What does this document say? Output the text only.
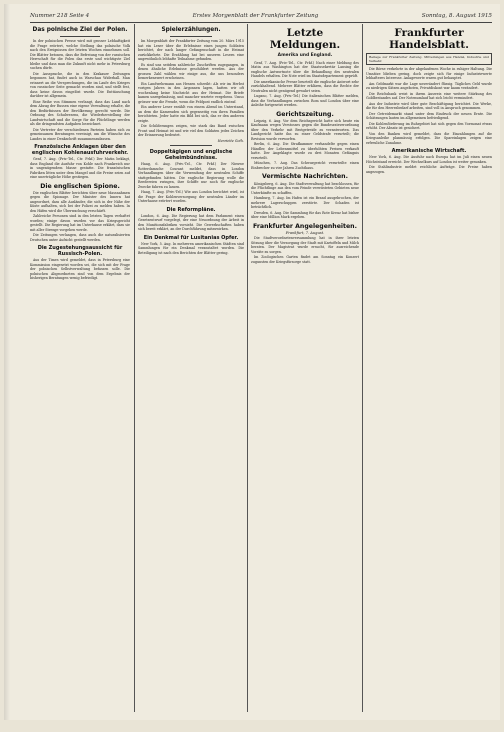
Nummer 218 Seite 4	Erstes Morgenblatt der Frankfurter Zeitung	Sonntag, 8. August 1915
Das polnische Ziel der Polen.

In der polnischen Presse wird mit grosser Lebhaftigkeit die Frage erörtert, welche Stellung das polnische Volk nach den Ereignissen der letzten Wochen einnehmen soll. Die Blätter betonen, dass die Befreiung von der russischen Herrschaft für die Polen das erste und wichtigste Ziel bleibe und dass man die Zukunft nicht mehr in Petersburg suchen dürfe.

Die Aussprache, die in den Krakauer Zeitungen begonnen hat, findet auch in Warschau Widerhall. Man erinnert an die Versprechungen, die im Laufe des Krieges von russischer Seite gemacht worden sind, und stellt fest, dass keine davon eingelöst wurde. Die Enttäuschung darüber ist allgemein.

Eine Reihe von Stimmen verlangt, dass das Land nach dem Abzug der Russen eine eigene Verwaltung erhalte, die den Bedürfnissen der Bevölkerung gerecht werde. Die Ordnung des Schulwesens, die Wiederherstellung der Landwirtschaft und die Sorge für die Flüchtlinge werden als die dringendsten Aufgaben bezeichnet.

Die Vertreter der verschiedenen Parteien haben sich zu gemeinsamen Beratungen vereinigt, um die Wünsche des Landes in einer Denkschrift zusammenzufassen.

Französische Anklagen über den englischen Kohlenausfuhrverkehr.

Genf, 7. Aug. (Priv.-Tel., Ctr. Frkf.) Der Matin beklagt, dass England die Ausfuhr von Kohle nach Frankreich nur in ungenügendem Masse gestatte. Die französischen Fabriken litten unter dem Mangel und die Preise seien auf eine unerträgliche Höhe gestiegen.

Die englischen Spione.

Die englischen Blätter berichten über neue Massnahmen gegen die Spionage. Der Minister des Innern hat angeordnet, dass alle Ausländer, die sich in der Nähe der Küste aufhalten, sich bei der Polizei zu melden haben. In den Häfen wird die Überwachung verschärft.

Zahlreiche Personen sind in den letzten Tagen verhaftet worden; einige davon wurden vor das Kriegsgericht gestellt. Die Regierung hat im Unterhause erklärt, dass sie mit aller Strenge vorgehen werde.

Die Zeitungen verlangen, dass auch die naturalisierten Deutschen unter Aufsicht gestellt werden.

Die Zugestehungsaussicht für Russisch-Polen.

Aus der Times wird gemeldet, dass in Petersburg eine Kommission eingesetzt worden sei, die sich mit der Frage der polnischen Selbstverwaltung befassen solle. Die polnischen Abgeordneten sind von dem Ergebnis der bisherigen Beratungen wenig befriedigt.

Spielerzählungen.

Im Morgenblatt der Frankfurter Zeitung vom 20. März 1915 hat ein Leser über die Erlebnisse eines jungen Soldaten berichtet, der nach langer Gefangenschaft in die Heimat zurückkehrte. Die Erzählung hat bei unseren Lesern eine ungewöhnlich lebhafte Teilnahme gefunden.

Es sind uns seitdem zahlreiche Zuschriften zugegangen, in denen ähnliche Erlebnisse geschildert werden. Aus der grossen Zahl wählen wir einige aus, die uns besonders bemerkenswert erscheinen.

Ein Landwehrmann aus Hessen schreibt: Als wir im Herbst vorigen Jahres in den Argonnen lagen, hatten wir oft wochenlang keine Nachricht aus der Heimat. Die Briefe kamen unregelmässig, und mancher wartete vergebens. Umso grösser war die Freude, wenn die Feldpost endlich eintraf.

Ein anderer Leser erzählt von einem Abend im Unterstand, an dem die Kameraden sich gegenseitig von ihren Familien berichteten. Jeder hatte ein Bild bei sich, das er den anderen zeigte.

Die Schilderungen zeigen, wie stark das Band zwischen Front und Heimat ist und wie viel den Soldaten jedes Zeichen der Erinnerung bedeutet.

Henriette Goth.

Doppeltägigen und englische Geheimbündnisse.

Haag, 6. Aug. (Priv.-Tel., Ctr. Frkf.) Der Nieuwe Rotterdamsche Courant meldet, dass in London Verhandlungen über die Verwendung der neutralen Schiffe stattgefunden hätten. Die englische Regierung wolle die Reedereien zwingen, ihre Schiffe nur noch für englische Zwecke fahren zu lassen.

Haag, 7. Aug. (Priv.-Tel.) Wie aus London berichtet wird, ist die Frage der Kohlenversorgung der neutralen Länder im Unterhause erörtert worden.

Die Reformpläne.

London, 6. Aug. Die Regierung hat dem Parlament einen Gesetzentwurf vorgelegt, der eine Neuordnung der Arbeit in den Munitionsfabriken vorsieht. Die Gewerkschaften haben sich bereit erklärt, an der Durchführung mitzuwirken.

Ein Denkmal für Lusitanias Opfer.

New York, 5. Aug. In mehreren amerikanischen Städten sind Sammlungen für ein Denkmal veranstaltet worden. Die Beteiligung ist nach den Berichten der Blätter gering.

Letzte Meldungen.
Amerika und England.

Genf, 7. Aug. (Priv.-Tel., Ctr. Frkf.) Nach einer Meldung des Matin aus Washington hat der Staatssekretär Lansing die englische Antwortnote über die Behandlung des neutralen Handels erhalten. Die Note wird im Staatsdepartement geprüft.

Die amerikanische Presse beurteilt die englische Antwort sehr zurückhaltend. Mehrere Blätter erklären, dass die Rechte der Neutralen nicht genügend gewahrt seien.

Lugano, 7. Aug. (Priv.-Tel.) Die italienischen Blätter melden, dass die Verhandlungen zwischen Rom und London über eine Anleihe fortgesetzt werden.

Gerichtszeitung.

Leipzig, 6. Aug. Vor dem Reichsgericht hatte sich heute ein Kaufmann wegen Verstosses gegen die Bundesratsverordnung über den Verkehr mit Brotgetreide zu verantworten. Das Landgericht hatte ihn zu einer Geldstrafe verurteilt; die Revision wurde verworfen.

Berlin, 6. Aug. Die Strafkammer verhandelte gegen einen Händler, der Lebensmittel zu überhöhten Preisen verkauft hatte. Der Angeklagte wurde zu drei Monaten Gefängnis verurteilt.

München, 7. Aug. Das Schwurgericht verurteilte einen Einbrecher zu vier Jahren Zuchthaus.

Vermischte Nachrichten.

Königsberg, 6. Aug. Die Stadtverwaltung hat beschlossen, für die Flüchtlinge aus den vom Feinde verwüsteten Gebieten neue Unterkünfte zu schaffen.

Hamburg, 7. Aug. Im Hafen ist ein Brand ausgebrochen, der mehrere Lagerschuppen zerstörte. Der Schaden ist beträchtlich.

Dresden, 6. Aug. Die Sammlung für das Rote Kreuz hat bisher über eine Million Mark ergeben.

Frankfurter Angelegenheiten.
Frankfurt, 7. August.

Die Stadtverordnetenversammlung hat in ihrer letzten Sitzung über die Versorgung der Stadt mit Kartoffeln und Milch beraten. Der Magistrat wurde ersucht, für ausreichende Vorräte zu sorgen.

Im Zoologischen Garten findet am Sonntag ein Konzert zugunsten der Kriegsfürsorge statt.

Frankfurter Handelsblatt.
Beilage zur Frankfurter Zeitung. Mitteilungen aus Handel, Industrie und Verkehr.

Die Börse verkehrte in der abgelaufenen Woche in ruhiger Haltung. Die Umsätze blieben gering, doch zeigte sich für einige Industriewerte lebhafteres Interesse. Anlagewerte waren gut behauptet.

Am Geldmarkt war die Lage unverändert flüssig. Tägliches Geld wurde zu niedrigen Sätzen angeboten, Privatdiskont war kaum verändert.

Die Reichsbank weist in ihrem Ausweis eine weitere Stärkung des Goldbestandes auf. Der Notenumlauf hat sich leicht vermindert.

Aus der Industrie wird über gute Beschäftigung berichtet. Die Werke, die für den Heeresbedarf arbeiten, sind voll in Anspruch genommen.

Der Getreidemarkt stand unter dem Eindruck der neuen Ernte. Die Schätzungen lauten im allgemeinen befriedigend.

Die Kohlenförderung im Ruhrgebiet hat sich gegen den Vormonat etwas erhöht. Der Absatz ist gesichert.

Von den Banken wird gemeldet, dass die Einzahlungen auf die Kriegsanleihe planmässig erfolgen. Die Spareinlagen zeigen eine erfreuliche Zunahme.

Amerikanische Wirtschaft.

New York, 6. Aug. Die Ausfuhr nach Europa hat im Juli einen neuen Höchststand erreicht. Der Wechselkurs auf London ist weiter gesunken.

Die Stahlindustrie meldet reichliche Aufträge. Die Preise haben angezogen.
